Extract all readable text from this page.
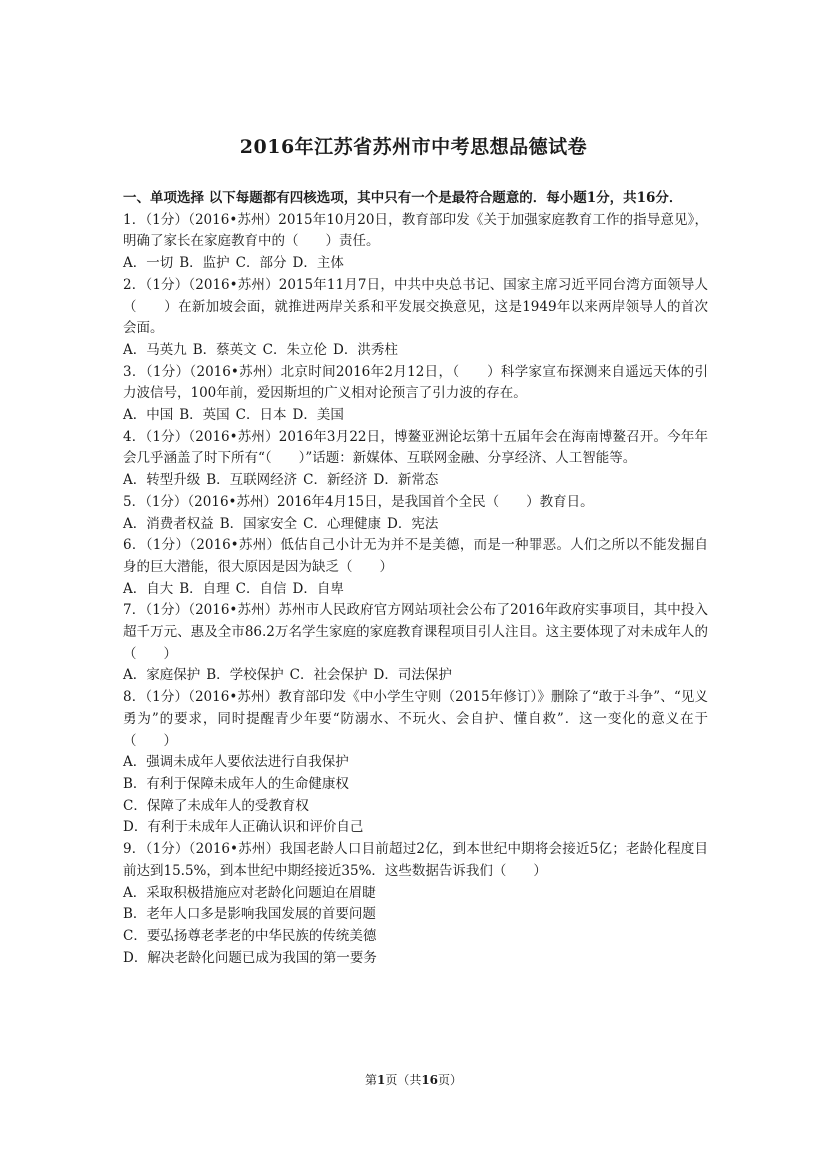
2016年江苏省苏州市中考思想品德试卷

一、单项选择 以下每题都有四核选项，其中只有一个是最符合题意的．每小题1分，共16分．

1．（1分）（2016•苏州）2015年10月20日，教育部印发《关于加强家庭教育工作的指导意见》，明确了家长在家庭教育中的（　　）责任。

A．一切 B．监护 C．部分 D．主体

2．（1分）（2016•苏州）2015年11月7日，中共中央总书记、国家主席习近平同台湾方面领导人（　　）在新加坡会面，就推进两岸关系和平发展交换意见，这是1949年以来两岸领导人的首次会面。

A．马英九 B．蔡英文 C．朱立伦 D．洪秀柱

3．（1分）（2016•苏州）北京时间2016年2月12日，（　　）科学家宣布探测来自遥远天体的引力波信号，100年前，爱因斯坦的广义相对论预言了引力波的存在。

A．中国 B．英国 C．日本 D．美国

4．（1分）（2016•苏州）2016年3月22日，博鳌亚洲论坛第十五届年会在海南博鳌召开。今年年会几乎涵盖了时下所有“（　　）”话题：新媒体、互联网金融、分享经济、人工智能等。

A．转型升级 B．互联网经济 C．新经济 D．新常态

5．（1分）（2016•苏州）2016年4月15日，是我国首个全民（　　）教育日。

A．消费者权益 B．国家安全 C．心理健康 D．宪法

6．（1分）（2016•苏州）低估自己小计无为并不是美德，而是一种罪恶。人们之所以不能发掘自身的巨大潜能，很大原因是因为缺乏（　　）

A．自大 B．自理 C．自信 D．自卑

7．（1分）（2016•苏州）苏州市人民政府官方网站项社会公布了2016年政府实事项目，其中投入超千万元、惠及全市86.2万名学生家庭的家庭教育课程项目引人注目。这主要体现了对未成年人的（　　）

A．家庭保护 B．学校保护 C．社会保护 D．司法保护

8．（1分）（2016•苏州）教育部印发《中小学生守则（2015年修订）》删除了“敢于斗争”、“见义勇为”的要求，同时提醒青少年要“防溺水、不玩火、会自护、懂自救”．这一变化的意义在于（　　）

A．强调未成年人要依法进行自我保护

B．有利于保障未成年人的生命健康权

C．保障了未成年人的受教育权

D．有利于未成年人正确认识和评价自己

9．（1分）（2016•苏州）我国老龄人口目前超过2亿，到本世纪中期将会接近5亿；老龄化程度目前达到15.5%，到本世纪中期经接近35%．这些数据告诉我们（　　）

A．采取积极措施应对老龄化问题迫在眉睫

B．老年人口多是影响我国发展的首要问题

C．要弘扬尊老孝老的中华民族的传统美德

D．解决老龄化问题已成为我国的第一要务

第1页（共16页）
